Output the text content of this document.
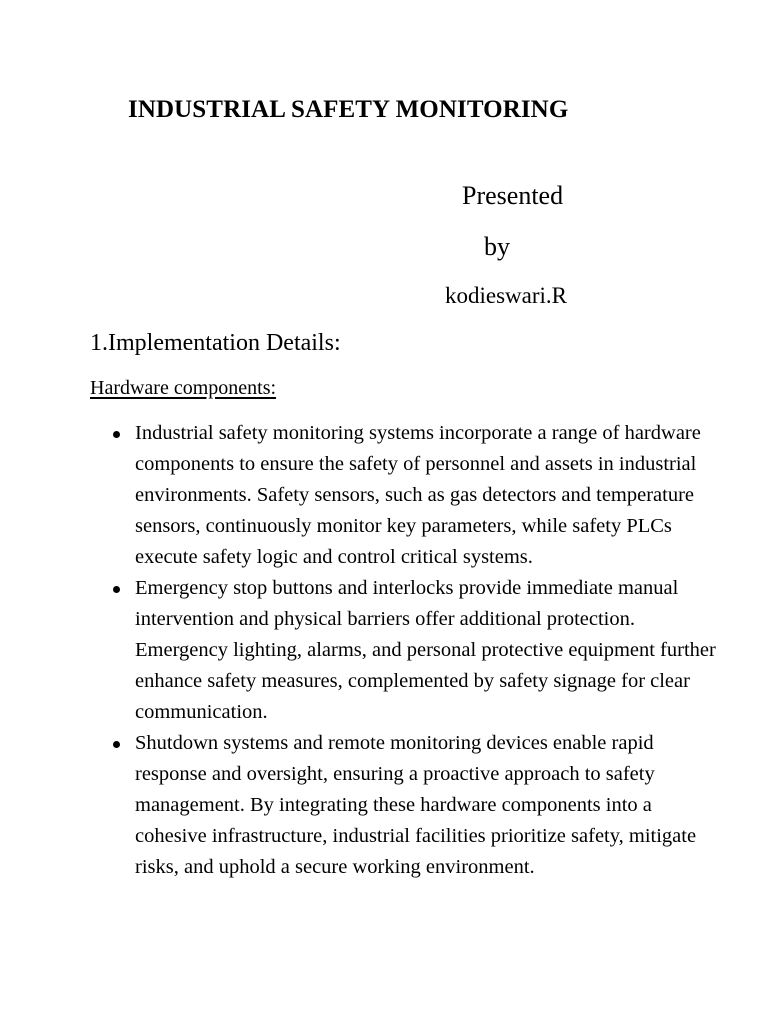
INDUSTRIAL SAFETY MONITORING
Presented
by
kodieswari.R
1.Implementation Details:
Hardware components:
Industrial safety monitoring systems incorporate a range of hardware components to ensure the safety of personnel and assets in industrial environments. Safety sensors, such as gas detectors and temperature sensors, continuously monitor key parameters, while safety PLCs execute safety logic and control critical systems.
Emergency stop buttons and interlocks provide immediate manual intervention and physical barriers offer additional protection. Emergency lighting, alarms, and personal protective equipment further enhance safety measures, complemented by safety signage for clear communication.
Shutdown systems and remote monitoring devices enable rapid response and oversight, ensuring a proactive approach to safety management. By integrating these hardware components into a cohesive infrastructure, industrial facilities prioritize safety, mitigate risks, and uphold a secure working environment.
